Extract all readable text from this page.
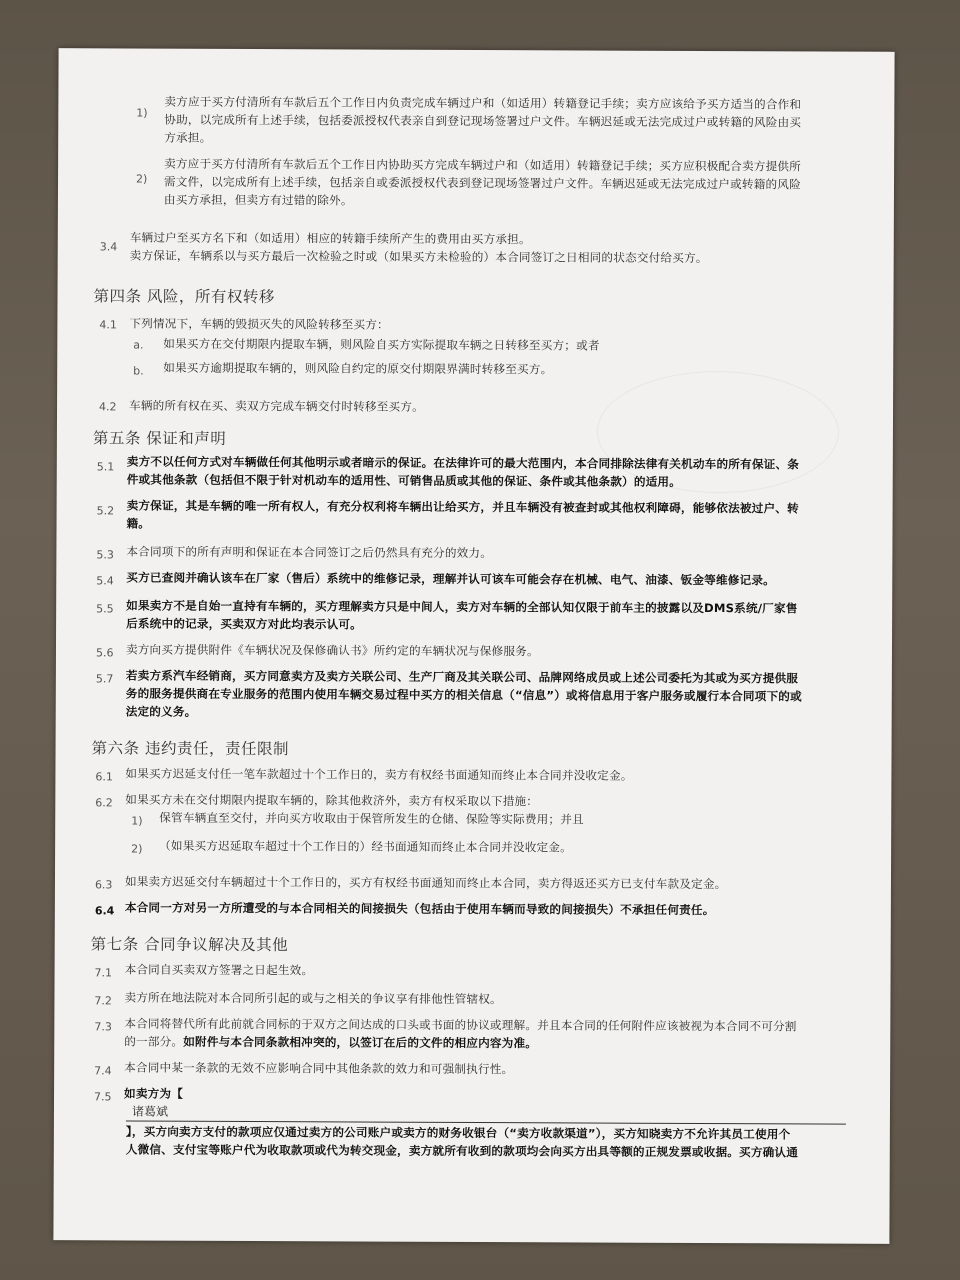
1)
卖方应于买方付清所有车款后五个工作日内负责完成车辆过户和（如适用）转籍登记手续；卖方应该给予买方适当的合作和
协助，以完成所有上述手续，包括委派授权代表亲自到登记现场签署过户文件。车辆迟延或无法完成过户或转籍的风险由买
方承担。
2)
卖方应于买方付清所有车款后五个工作日内协助买方完成车辆过户和（如适用）转籍登记手续；买方应积极配合卖方提供所
需文件，以完成所有上述手续，包括亲自或委派授权代表到登记现场签署过户文件。车辆迟延或无法完成过户或转籍的风险
由买方承担，但卖方有过错的除外。
3.4
车辆过户至买方名下和（如适用）相应的转籍手续所产生的费用由买方承担。
卖方保证，车辆系以与买方最后一次检验之时或（如果买方未检验的）本合同签订之日相同的状态交付给买方。
第四条 风险，所有权转移
4.1 下列情况下，车辆的毁损灭失的风险转移至买方：
a. 如果买方在交付期限内提取车辆，则风险自买方实际提取车辆之日转移至买方；或者
b. 如果买方逾期提取车辆的，则风险自约定的原交付期限界满时转移至买方。
4.2 车辆的所有权在买、卖双方完成车辆交付时转移至买方。
第五条 保证和声明
5.1 卖方不以任何方式对车辆做任何其他明示或者暗示的保证。在法律许可的最大范围内，本合同排除法律有关机动车的所有保证、条
件或其他条款（包括但不限于针对机动车的适用性、可销售品质或其他的保证、条件或其他条款）的适用。
5.2 卖方保证，其是车辆的唯一所有权人，有充分权利将车辆出让给买方，并且车辆没有被查封或其他权利障碍，能够依法被过户、转
籍。
5.3 本合同项下的所有声明和保证在本合同签订之后仍然具有充分的效力。
5.4 买方已查阅并确认该车在厂家（售后）系统中的维修记录，理解并认可该车可能会存在机械、电气、油漆、钣金等维修记录。
5.5 如果卖方不是自始一直持有车辆的，买方理解卖方只是中间人，卖方对车辆的全部认知仅限于前车主的披露以及DMS系统/厂家售
后系统中的记录，买卖双方对此均表示认可。
5.6 卖方向买方提供附件《车辆状况及保修确认书》所约定的车辆状况与保修服务。
5.7 若卖方系汽车经销商，买方同意卖方及卖方关联公司、生产厂商及其关联公司、品牌网络成员或上述公司委托为其或为买方提供服
务的服务提供商在专业服务的范围内使用车辆交易过程中买方的相关信息（“信息”）或将信息用于客户服务或履行本合同项下的或
法定的义务。
第六条 违约责任，责任限制
6.1 如果买方迟延支付任一笔车款超过十个工作日的，卖方有权经书面通知而终止本合同并没收定金。
6.2 如果买方未在交付期限内提取车辆的，除其他救济外，卖方有权采取以下措施：
1) 保管车辆直至交付，并向买方收取由于保管所发生的仓储、保险等实际费用；并且
2) （如果买方迟延取车超过十个工作日的）经书面通知而终止本合同并没收定金。
6.3 如果卖方迟延交付车辆超过十个工作日的，买方有权经书面通知而终止本合同，卖方得返还买方已支付车款及定金。
6.4 本合同一方对另一方所遭受的与本合同相关的间接损失（包括由于使用车辆而导致的间接损失）不承担任何责任。
第七条 合同争议解决及其他
7.1 本合同自买卖双方签署之日起生效。
7.2 卖方所在地法院对本合同所引起的或与之相关的争议享有排他性管辖权。
7.3 本合同将替代所有此前就合同标的于双方之间达成的口头或书面的协议或理解。并且本合同的任何附件应该被视为本合同不可分割
的一部分。如附件与本合同条款相冲突的，以签订在后的文件的相应内容为准。
7.4 本合同中某一条款的无效不应影响合同中其他条款的效力和可强制执行性。
7.5 如卖方为【
诸葛斌
】，买方向卖方支付的款项应仅通过卖方的公司账户或卖方的财务收银台（“卖方收款渠道”），买方知晓卖方不允许其员工使用个
人微信、支付宝等账户代为收取款项或代为转交现金，卖方就所有收到的款项均会向买方出具等额的正规发票或收据。买方确认通
